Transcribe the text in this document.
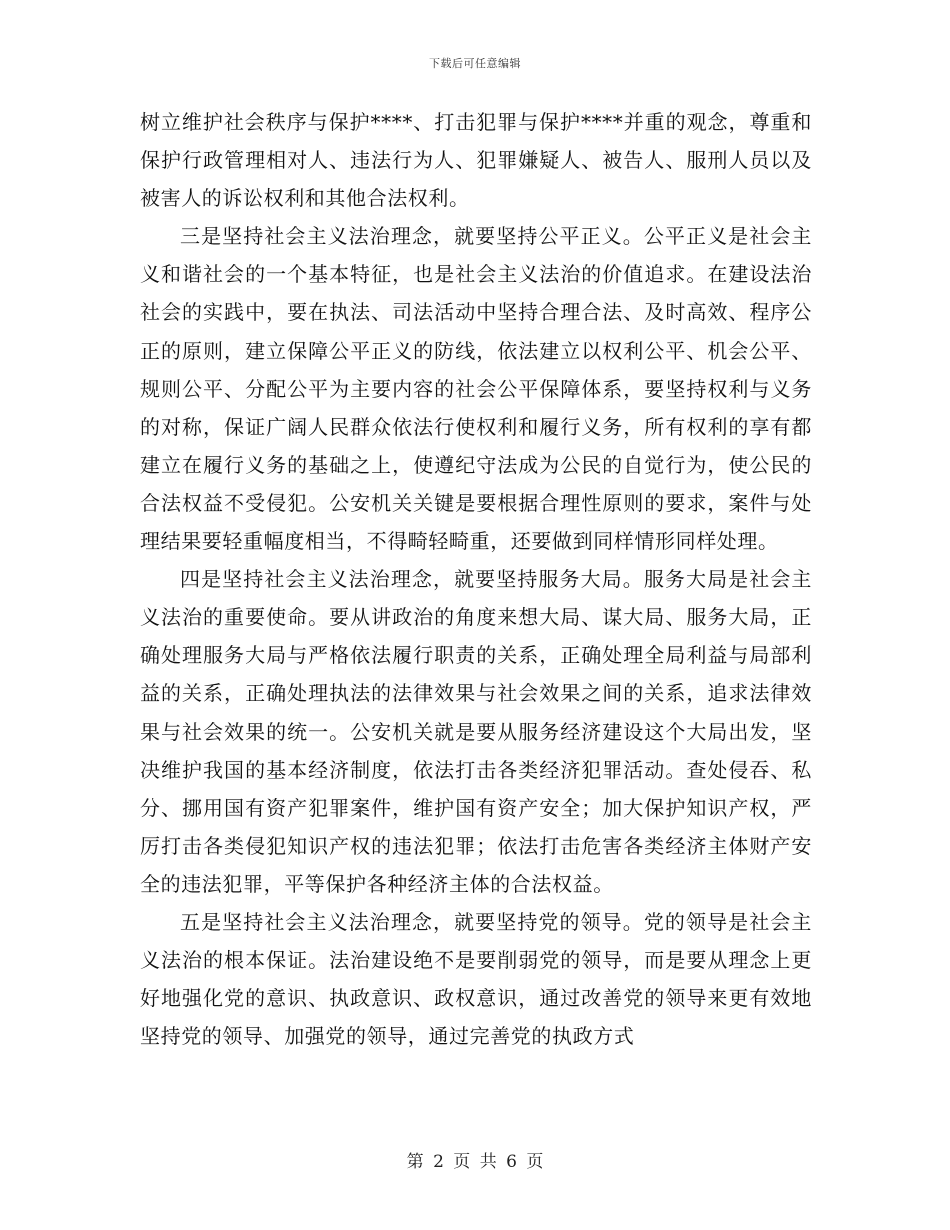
下载后可任意编辑

树立维护社会秩序与保护****、打击犯罪与保护****并重的观念，尊重和保护行政管理相对人、违法行为人、犯罪嫌疑人、被告人、服刑人员以及被害人的诉讼权利和其他合法权利。

三是坚持社会主义法治理念，就要坚持公平正义。公平正义是社会主义和谐社会的一个基本特征，也是社会主义法治的价值追求。在建设法治社会的实践中，要在执法、司法活动中坚持合理合法、及时高效、程序公正的原则，建立保障公平正义的防线，依法建立以权利公平、机会公平、规则公平、分配公平为主要内容的社会公平保障体系，要坚持权利与义务的对称，保证广阔人民群众依法行使权利和履行义务，所有权利的享有都建立在履行义务的基础之上，使遵纪守法成为公民的自觉行为，使公民的合法权益不受侵犯。公安机关关键是要根据合理性原则的要求，案件与处理结果要轻重幅度相当，不得畸轻畸重，还要做到同样情形同样处理。

四是坚持社会主义法治理念，就要坚持服务大局。服务大局是社会主义法治的重要使命。要从讲政治的角度来想大局、谋大局、服务大局，正确处理服务大局与严格依法履行职责的关系，正确处理全局利益与局部利益的关系，正确处理执法的法律效果与社会效果之间的关系，追求法律效果与社会效果的统一。公安机关就是要从服务经济建设这个大局出发，坚决维护我国的基本经济制度，依法打击各类经济犯罪活动。查处侵吞、私分、挪用国有资产犯罪案件，维护国有资产安全；加大保护知识产权，严厉打击各类侵犯知识产权的违法犯罪；依法打击危害各类经济主体财产安全的违法犯罪，平等保护各种经济主体的合法权益。

五是坚持社会主义法治理念，就要坚持党的领导。党的领导是社会主义法治的根本保证。法治建设绝不是要削弱党的领导，而是要从理念上更好地强化党的意识、执政意识、政权意识，通过改善党的领导来更有效地坚持党的领导、加强党的领导，通过完善党的执政方式

第 2 页 共 6 页
